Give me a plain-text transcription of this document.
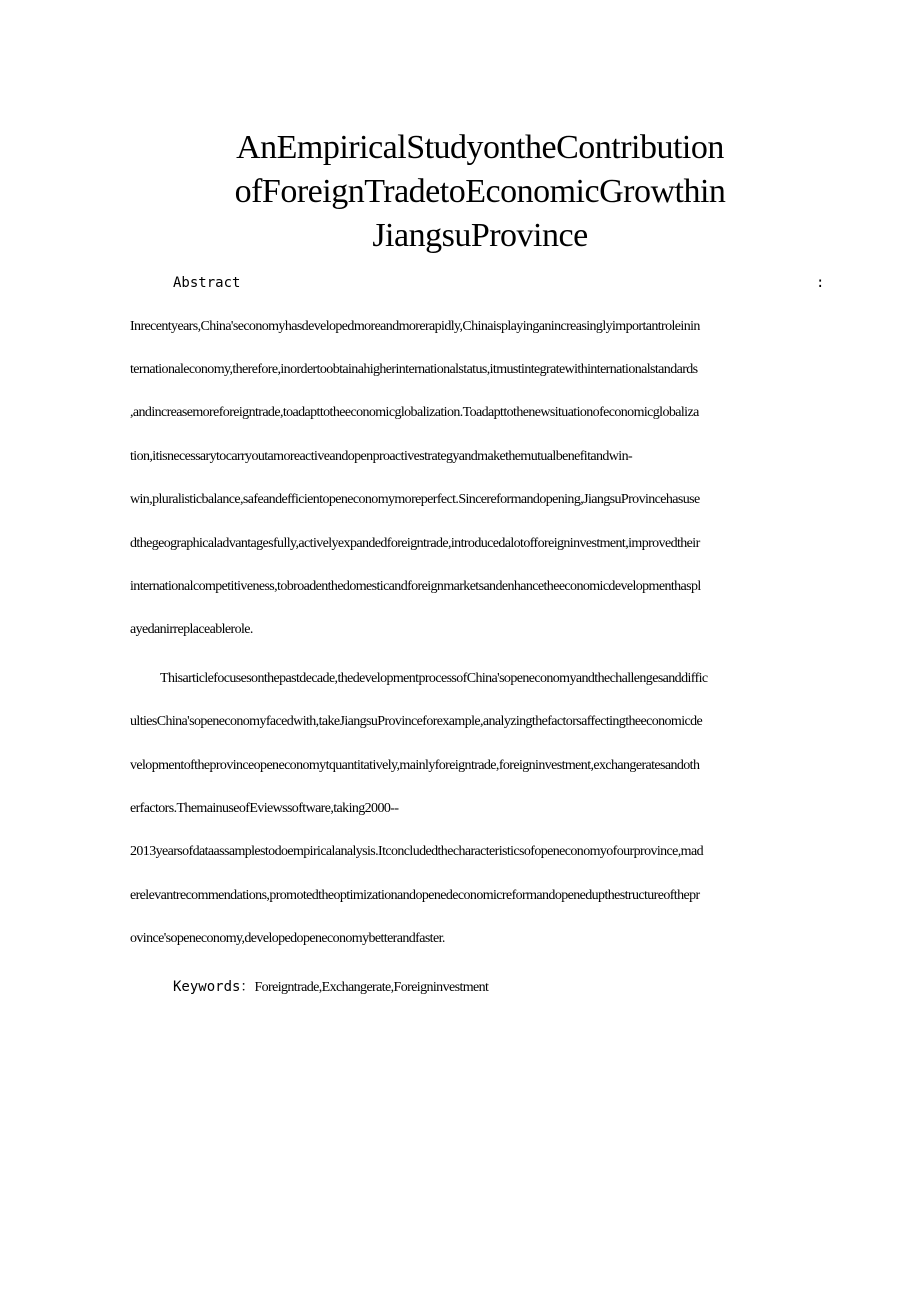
AnEmpiricalStudyontheContribution
ofForeignTradetoEconomicGrowthin
JiangsuProvince
Abstract	:
Inrecentyears,China'seconomyhasdevelopedmoreandmorerapidly,Chinaisplayinganincreasinglyimportantroleinin
ternationaleconomy,therefore,inordertoobtainahigherinternationalstatus,itmustintegratewithinternationalstandards
,andincreasemoreforeigntrade,toadapttotheeconomicglobalization.Toadapttothenewsituationofeconomicglobaliza
tion,itisnecessarytocarryoutamoreactiveandopenproactivestrategyandmakethemutualbenefitandwin-
win,pluralisticbalance,safeandefficientopeneconomymoreperfect.Sincereformandopening,JiangsuProvincehasuse
dthegeographicaladvantagesfully,activelyexpandedforeigntrade,introducedalotofforeigninvestment,improvedtheir
internationalcompetitiveness,tobroadenthedomesticandforeignmarketsandenhancetheeconomicdevelopmenthaspl
ayedanirreplaceablerole.
Thisarticlefocusesonthepastdecade,thedevelopmentprocessofChina'sopeneconomyandthechallengesanddiffic
ultiesChina'sopeneconomyfacedwith,takeJiangsuProvinceforexample,analyzingthefactorsaffectingtheeconomicde
velopmentoftheprovinceopeneconomytquantitatively,mainlyforeigntrade,foreigninvestment,exchangeratesandoth
erfactors.ThemainuseofEviewssoftware,taking2000--
2013yearsofdataassamplestodoempiricalanalysis.Itconcludedthecharacteristicsofopeneconomyofourprovince,mad
erelevantrecommendations,promotedtheoptimizationandopenedeconomicreformandopenedupthestructureofthepr
ovince'sopeneconomy,developedopeneconomybetterandfaster.
Keywords：Foreigntrade,Exchangerate,Foreigninvestment
